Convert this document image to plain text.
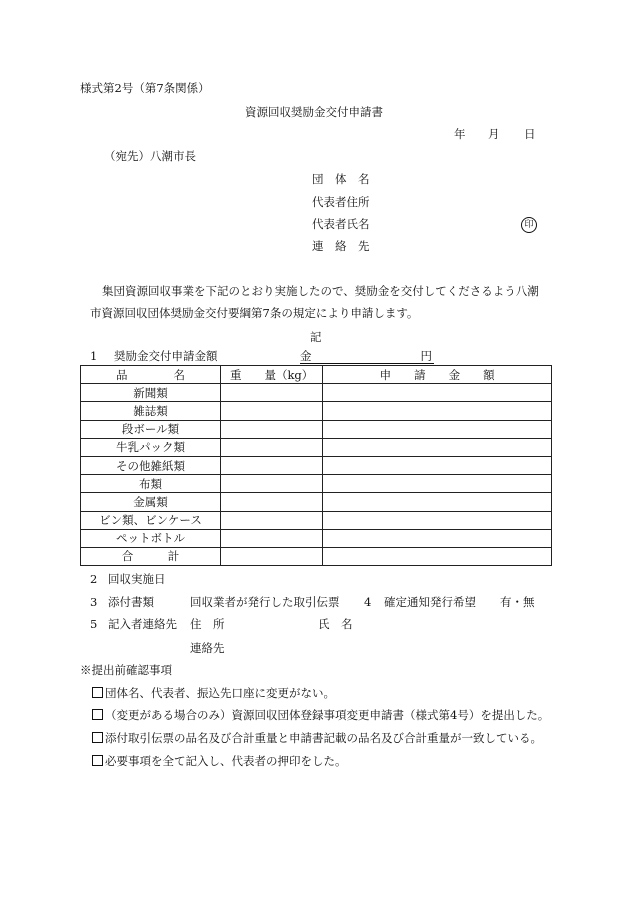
様式第2号（第7条関係）
資源回収奨励金交付申請書
年 月 日
（宛先）八潮市長
団　体　名
代表者住所
代表者氏名	印
連　絡　先
集団資源回収事業を下記のとおり実施したので、奨励金を交付してくださるよう八潮
市資源回収団体奨励金交付要綱第7条の規定により申請します。
記
1 奨励金交付申請金額	金	円
品　　　　名	重　　量（kg）	申　　請　　金　　額
新聞類		
雑誌類		
段ボール類		
牛乳パック類		
その他雑紙類		
布類		
金属類		
ビン類、ビンケース		
ペットボトル		
合　　　計		
2 回収実施日
3 添付書類	回収業者が発行した取引伝票 4 確定通知発行希望 有・無
5 記入者連絡先 住　所	氏　名
連絡先
※提出前確認事項
団体名、代表者、振込先口座に変更がない。
（変更がある場合のみ）資源回収団体登録事項変更申請書（様式第4号）を提出した。
添付取引伝票の品名及び合計重量と申請書記載の品名及び合計重量が一致している。
必要事項を全て記入し、代表者の押印をした。
